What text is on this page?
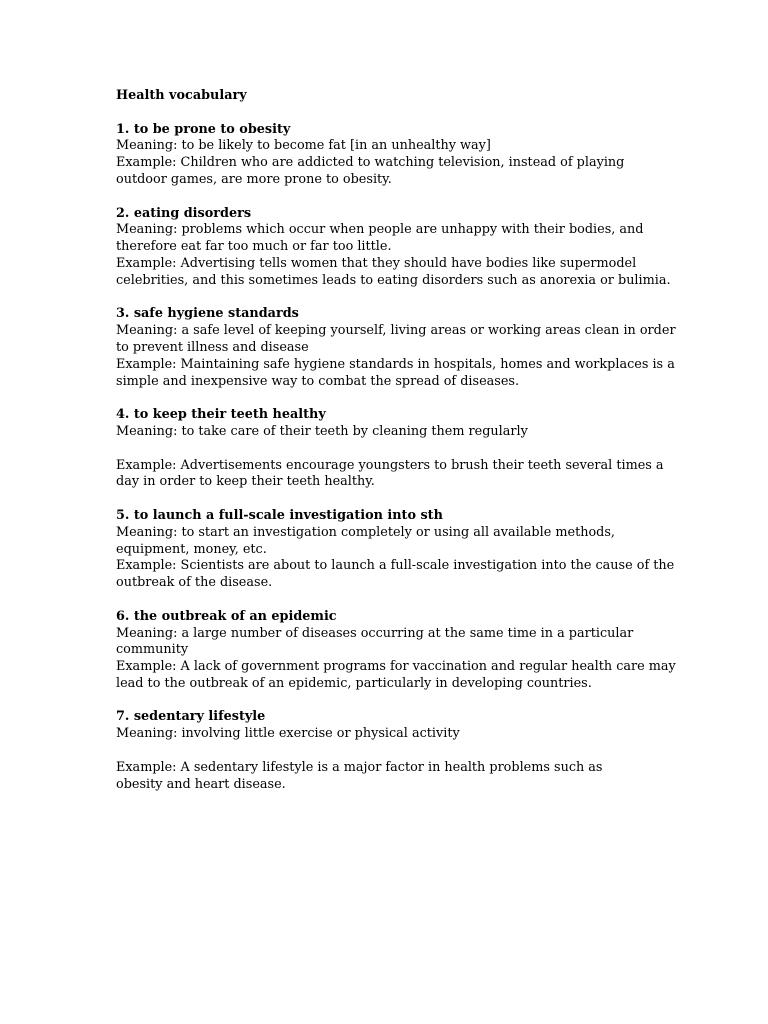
Health vocabulary
1. to be prone to obesity
Meaning: to be likely to become fat [in an unhealthy way]
Example: Children who are addicted to watching television, instead of playing
outdoor games, are more prone to obesity.
2. eating disorders
Meaning: problems which occur when people are unhappy with their bodies, and
therefore eat far too much or far too little.
Example: Advertising tells women that they should have bodies like supermodel
celebrities, and this sometimes leads to eating disorders such as anorexia or bulimia.
3. safe hygiene standards
Meaning: a safe level of keeping yourself, living areas or working areas clean in order
to prevent illness and disease
Example: Maintaining safe hygiene standards in hospitals, homes and workplaces is a
simple and inexpensive way to combat the spread of diseases.
4. to keep their teeth healthy
Meaning: to take care of their teeth by cleaning them regularly
Example: Advertisements encourage youngsters to brush their teeth several times a
day in order to keep their teeth healthy.
5. to launch a full-scale investigation into sth
Meaning: to start an investigation completely or using all available methods,
equipment, money, etc.
Example: Scientists are about to launch a full-scale investigation into the cause of the
outbreak of the disease.
6. the outbreak of an epidemic
Meaning: a large number of diseases occurring at the same time in a particular
community
Example: A lack of government programs for vaccination and regular health care may
lead to the outbreak of an epidemic, particularly in developing countries.
7. sedentary lifestyle
Meaning: involving little exercise or physical activity
Example: A sedentary lifestyle is a major factor in health problems such as
obesity and heart disease.
